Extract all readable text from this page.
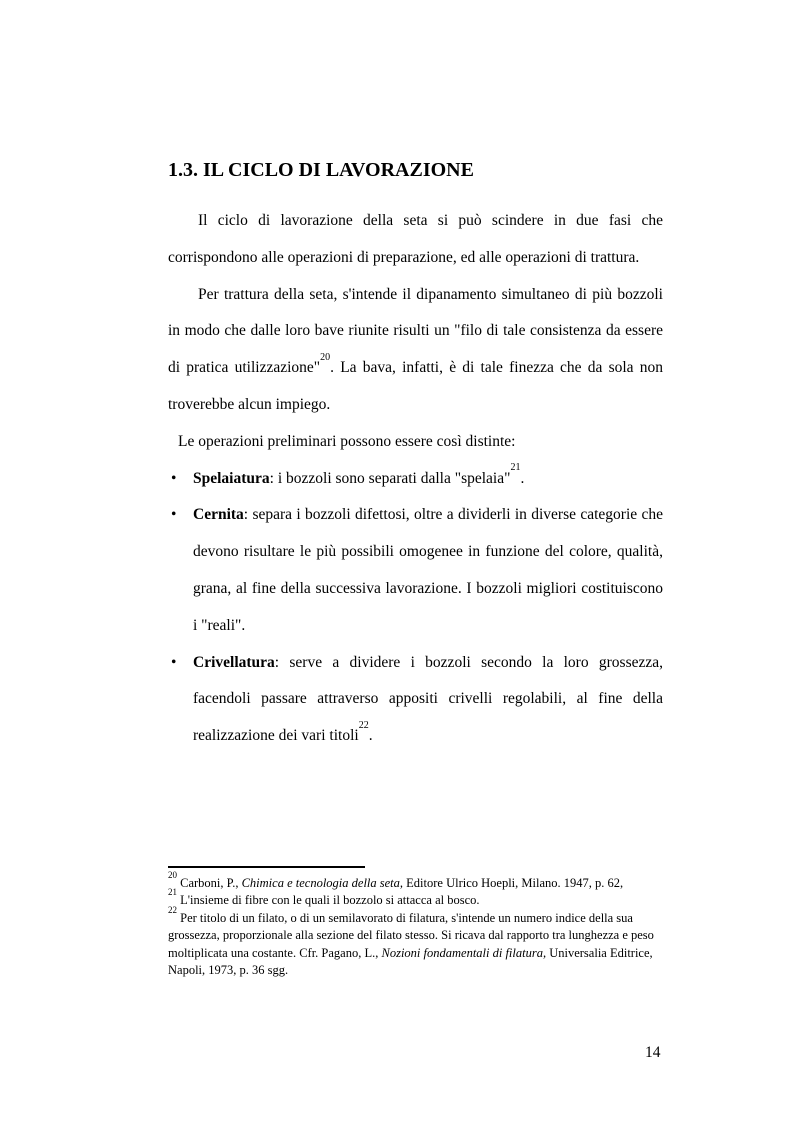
1.3. IL CICLO DI LAVORAZIONE

Il ciclo di lavorazione della seta si può scindere in due fasi che corrispondono alle operazioni di preparazione, ed alle operazioni di trattura.

Per trattura della seta, s'intende il dipanamento simultaneo di più bozzoli in modo che dalle loro bave riunite risulti un "filo di tale consistenza da essere di pratica utilizzazione"$^{20}$. La bava, infatti, è di tale finezza che da sola non troverebbe alcun impiego.

Le operazioni preliminari possono essere così distinte:

• Spelaiatura: i bozzoli sono separati dalla "spelaia"$^{21}$.
• Cernita: separa i bozzoli difettosi, oltre a dividerli in diverse categorie che devono risultare le più possibili omogenee in funzione del colore, qualità, grana, al fine della successiva lavorazione. I bozzoli migliori costituiscono i "reali".
• Crivellatura: serve a dividere i bozzoli secondo la loro grossezza, facendoli passare attraverso appositi crivelli regolabili, al fine della realizzazione dei vari titoli$^{22}$.

$^{20}$ Carboni, P., Chimica e tecnologia della seta, Editore Ulrico Hoepli, Milano. 1947, p. 62,

$^{21}$ L'insieme di fibre con le quali il bozzolo si attacca al bosco.

$^{22}$ Per titolo di un filato, o di un semilavorato di filatura, s'intende un numero indice della sua grossezza, proporzionale alla sezione del filato stesso. Si ricava dal rapporto tra lunghezza e peso moltiplicata una costante. Cfr. Pagano, L., Nozioni fondamentali di filatura, Universalia Editrice, Napoli, 1973, p. 36 sgg.

14
